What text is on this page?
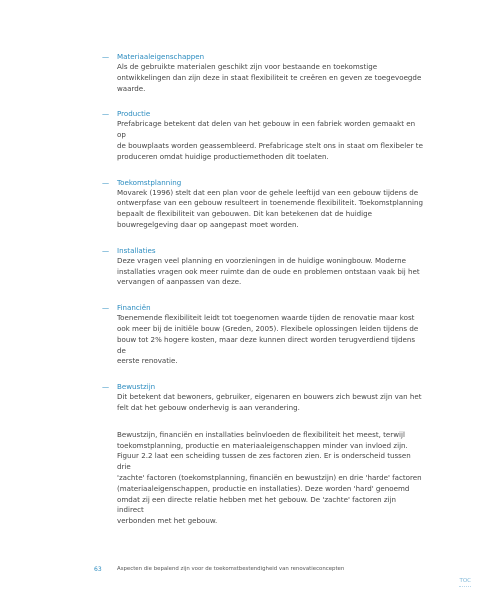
— Materiaaleigenschappen
Als de gebruikte materialen geschikt zijn voor bestaande en toekomstige
ontwikkelingen dan zijn deze in staat flexibiliteit te creëren en geven ze toegevoegde
waarde.
— Productie
Prefabricage betekent dat delen van het gebouw in een fabriek worden gemaakt en op
de bouwplaats worden geassembleerd. Prefabricage stelt ons in staat om flexibeler te
produceren omdat huidige productiemethoden dit toelaten.
— Toekomstplanning
Movarek (1996) stelt dat een plan voor de gehele leeftijd van een gebouw tijdens de
ontwerpfase van een gebouw resulteert in toenemende flexibiliteit. Toekomstplanning
bepaalt de flexibiliteit van gebouwen. Dit kan betekenen dat de huidige
bouwregelgeving daar op aangepast moet worden.
— Installaties
Deze vragen veel planning en voorzieningen in de huidige woningbouw. Moderne
installaties vragen ook meer ruimte dan de oude en problemen ontstaan vaak bij het
vervangen of aanpassen van deze.
— Financiën
Toenemende flexibiliteit leidt tot toegenomen waarde tijden de renovatie maar kost
ook meer bij de initiële bouw (Greden, 2005). Flexibele oplossingen leiden tijdens de
bouw tot 2% hogere kosten, maar deze kunnen direct worden terugverdiend tijdens de
eerste renovatie.
— Bewustzijn
Dit betekent dat bewoners, gebruiker, eigenaren en bouwers zich bewust zijn van het
felt dat het gebouw onderhevig is aan verandering.
Bewustzijn, financiën en installaties beïnvloeden de flexibiliteit het meest, terwijl
toekomstplanning, productie en materiaaleigenschappen minder van invloed zijn.
Figuur 2.2 laat een scheiding tussen de zes factoren zien. Er is onderscheid tussen drie
'zachte' factoren (toekomstplanning, financiën en bewustzijn) en drie 'harde' factoren
(materiaaleigenschappen, productie en installaties). Deze worden 'hard' genoemd
omdat zij een directe relatie hebben met het gebouw. De 'zachte' factoren zijn indirect
verbonden met het gebouw.
63	Aspecten die bepalend zijn voor de toekomstbestendigheid van renovatieconcepten
TOC
